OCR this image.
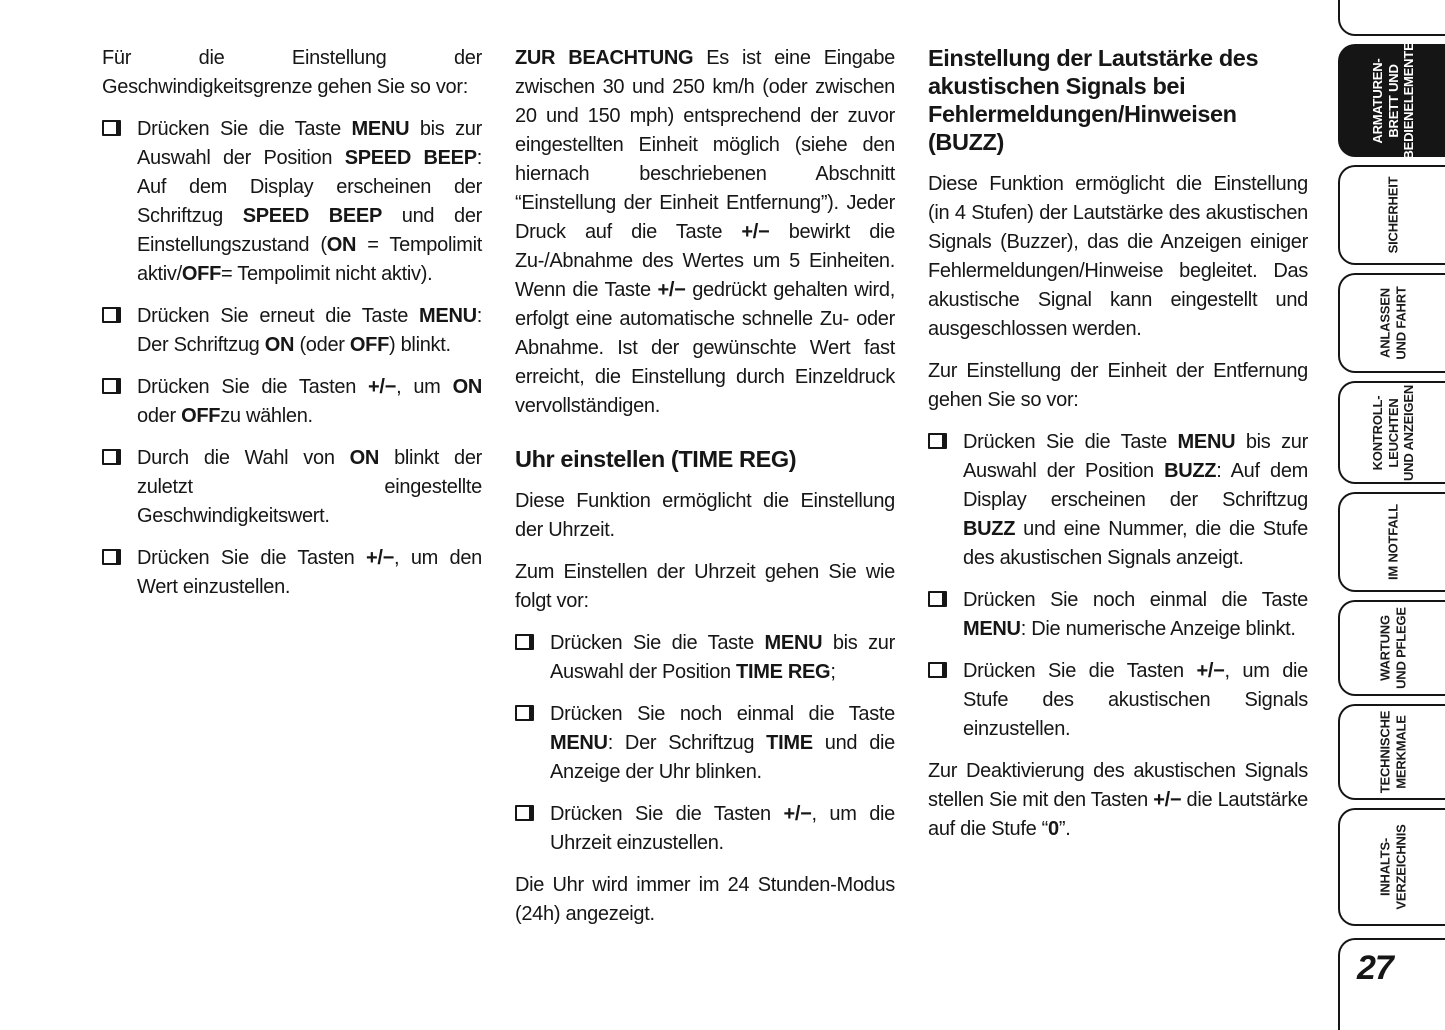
Für die Einstellung der Geschwindigkeitsgrenze gehen Sie so vor:
Drücken Sie die Taste MENU bis zur Auswahl der Position SPEED BEEP: Auf dem Display erscheinen der Schriftzug SPEED BEEP und der Einstellungszustand (ON = Tempolimit aktiv/OFF= Tempolimit nicht aktiv).
Drücken Sie erneut die Taste MENU: Der Schriftzug ON (oder OFF) blinkt.
Drücken Sie die Tasten +/−, um ON oder OFFzu wählen.
Durch die Wahl von ON blinkt der zuletzt eingestellte Geschwindigkeitswert.
Drücken Sie die Tasten +/−, um den Wert einzustellen.
ZUR BEACHTUNG Es ist eine Eingabe zwischen 30 und 250 km/h (oder zwischen 20 und 150 mph) entsprechend der zuvor eingestellten Einheit möglich (siehe den hiernach beschriebenen Abschnitt “Einstellung der Einheit Entfernung”). Jeder Druck auf die Taste +/− bewirkt die Zu-/Abnahme des Wertes um 5 Einheiten. Wenn die Taste +/− gedrückt gehalten wird, erfolgt eine automatische schnelle Zu- oder Abnahme. Ist der gewünschte Wert fast erreicht, die Einstellung durch Einzeldruck vervollständigen.
Uhr einstellen (TIME REG)
Diese Funktion ermöglicht die Einstellung der Uhrzeit.
Zum Einstellen der Uhrzeit gehen Sie wie folgt vor:
Drücken Sie die Taste MENU bis zur Auswahl der Position TIME REG;
Drücken Sie noch einmal die Taste MENU: Der Schriftzug TIME und die Anzeige der Uhr blinken.
Drücken Sie die Tasten +/−, um die Uhrzeit einzustellen.
Die Uhr wird immer im 24 Stunden-Modus (24h) angezeigt.
Einstellung der Lautstärke des akustischen Signals bei Fehlermeldungen/Hinweisen (BUZZ)
Diese Funktion ermöglicht die Einstellung (in 4 Stufen) der Lautstärke des akustischen Signals (Buzzer), das die Anzeigen einiger Fehlermeldungen/Hinweise begleitet. Das akustische Signal kann eingestellt und ausgeschlossen werden.
Zur Einstellung der Einheit der Entfernung gehen Sie so vor:
Drücken Sie die Taste MENU bis zur Auswahl der Position BUZZ: Auf dem Display erscheinen der Schriftzug BUZZ und eine Nummer, die die Stufe des akustischen Signals anzeigt.
Drücken Sie noch einmal die Taste MENU: Die numerische Anzeige blinkt.
Drücken Sie die Tasten +/−, um die Stufe des akustischen Signals einzustellen.
Zur Deaktivierung des akustischen Signals stellen Sie mit den Tasten +/− die Lautstärke auf die Stufe “0”.
ARMATUREN- BRETT UND BEDIENELEMENTE
SICHERHEIT
ANLASSEN UND FAHRT
KONTROLL- LEUCHTEN UND ANZEIGEN
IM NOTFALL
WARTUNG UND PFLEGE
TECHNISCHE MERKMALE
INHALTS- VERZEICHNIS
27
